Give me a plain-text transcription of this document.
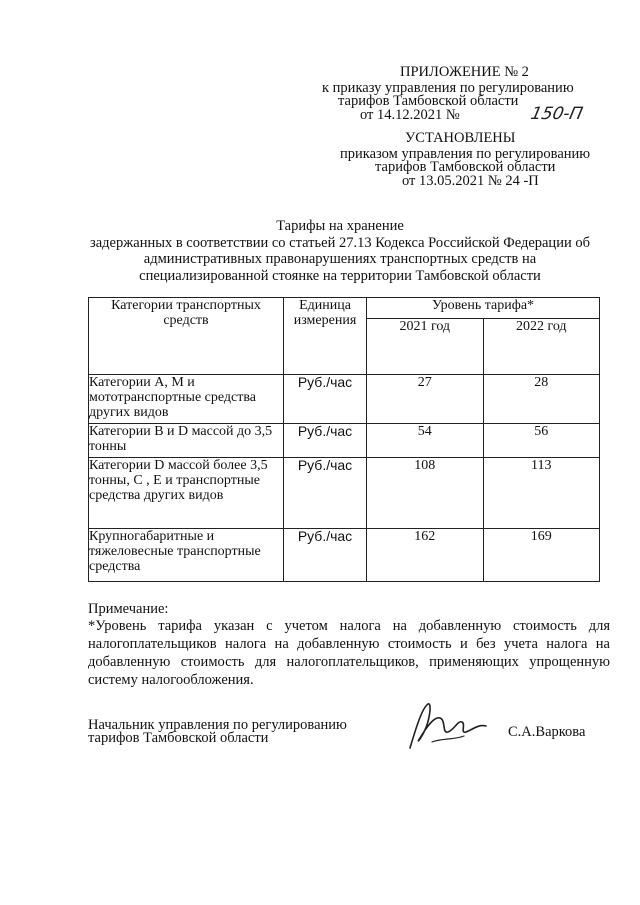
ПРИЛОЖЕНИЕ № 2
к приказу управления по регулированию
тарифов Тамбовской области
от 14.12.2021 №	150-П
УСТАНОВЛЕНЫ
приказом управления по регулированию
тарифов Тамбовской области
от 13.05.2021 № 24 -П
Тарифы на хранение
задержанных в соответствии со статьей 27.13 Кодекса Российской Федерации об
административных правонарушениях транспортных средств на
специализированной стоянке на территории Тамбовской области
Категории транспортных средств	Единица измерения	Уровень тарифа*	
		2021 год	2022 год
Категории А, М и мототранспортные средства других видов	Руб./час	27	28
Категории В и D массой до 3,5 тонны	Руб./час	54	56
Категории D массой более 3,5 тонны, С , Е и транспортные средства других видов	Руб./час	108	113
Крупногабаритные и тяжеловесные транспортные средства	Руб./час	162	169
Примечание:
*Уровень тарифа указан с учетом налога на добавленную стоимость для налогоплательщиков налога на добавленную стоимость и без учета налога на добавленную стоимость для налогоплательщиков, применяющих упрощенную систему налогообложения.
Начальник управления по регулированию
тарифов Тамбовской области	С.А.Варкова
